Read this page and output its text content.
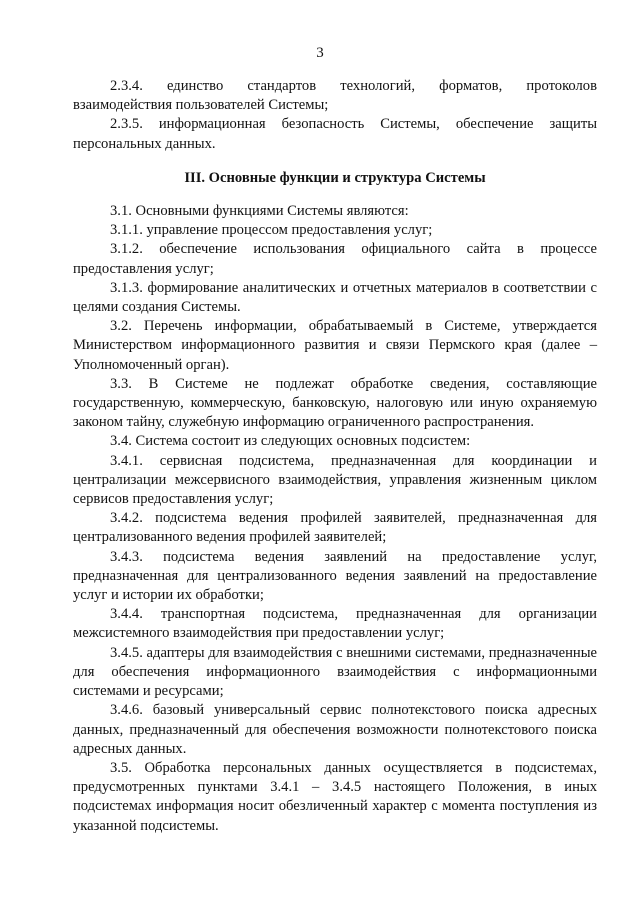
3

2.3.4. единство стандартов технологий, форматов, протоколов взаимодействия пользователей Системы;

2.3.5. информационная безопасность Системы, обеспечение защиты персональных данных.

III. Основные функции и структура Системы

3.1. Основными функциями Системы являются:

3.1.1. управление процессом предоставления услуг;

3.1.2. обеспечение использования официального сайта в процессе предоставления услуг;

3.1.3. формирование аналитических и отчетных материалов в соответствии с целями создания Системы.

3.2. Перечень информации, обрабатываемый в Системе, утверждается Министерством информационного развития и связи Пермского края (далее – Уполномоченный орган).

3.3. В Системе не подлежат обработке сведения, составляющие государственную, коммерческую, банковскую, налоговую или иную охраняемую законом тайну, служебную информацию ограниченного распространения.

3.4. Система состоит из следующих основных подсистем:

3.4.1. сервисная подсистема, предназначенная для координации и централизации межсервисного взаимодействия, управления жизненным циклом сервисов предоставления услуг;

3.4.2. подсистема ведения профилей заявителей, предназначенная для централизованного ведения профилей заявителей;

3.4.3. подсистема ведения заявлений на предоставление услуг, предназначенная для централизованного ведения заявлений на предоставление услуг и истории их обработки;

3.4.4. транспортная подсистема, предназначенная для организации межсистемного взаимодействия при предоставлении услуг;

3.4.5. адаптеры для взаимодействия с внешними системами, предназначенные для обеспечения информационного взаимодействия с информационными системами и ресурсами;

3.4.6. базовый универсальный сервис полнотекстового поиска адресных данных, предназначенный для обеспечения возможности полнотекстового поиска адресных данных.

3.5. Обработка персональных данных осуществляется в подсистемах, предусмотренных пунктами 3.4.1 – 3.4.5 настоящего Положения, в иных подсистемах информация носит обезличенный характер с момента поступления из указанной подсистемы.
